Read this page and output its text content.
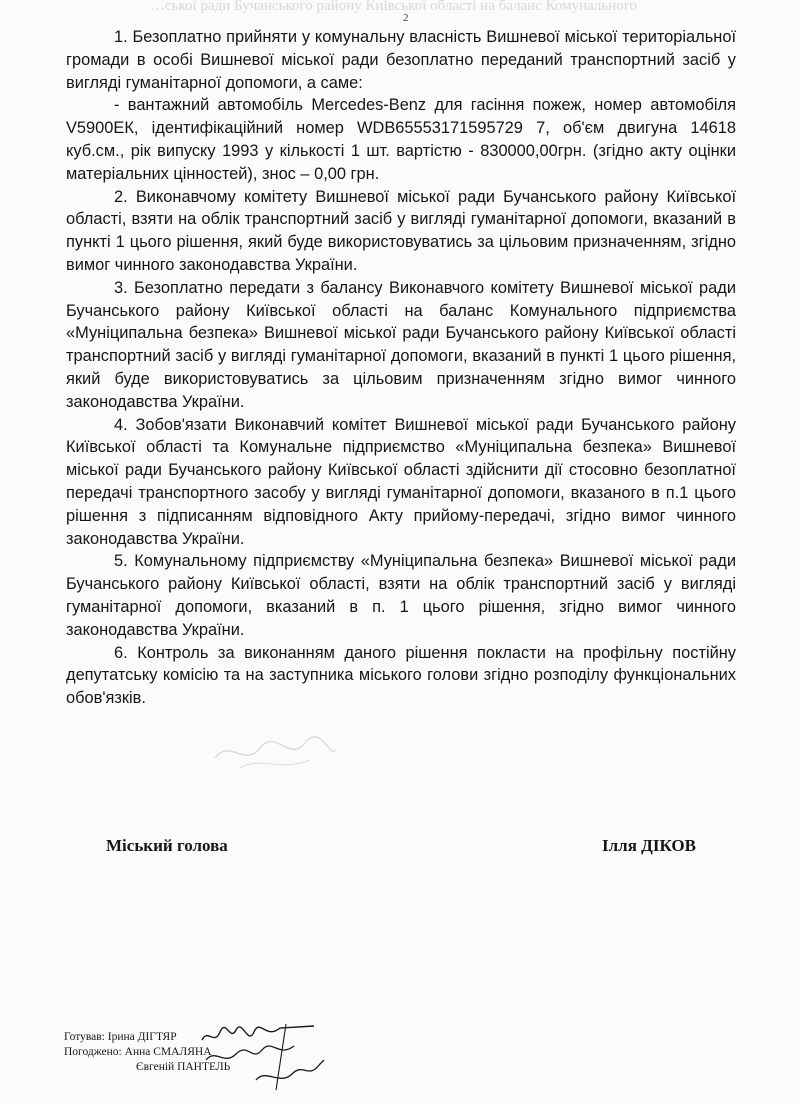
…ської ради Бучанського району Київської області на баланс Комунального
2

1. Безоплатно прийняти у комунальну власність Вишневої міської територіальної громади в особі Вишневої міської ради безоплатно переданий транспортний засіб у вигляді гуманітарної допомоги, а саме:

- вантажний автомобіль Mercedes-Benz для гасіння пожеж, номер автомобіля V5900ЕК, ідентифікаційний номер WDB65553171595729 7, об'єм двигуна 14618 куб.см., рік випуску 1993 у кількості 1 шт. вартістю - 830000,00грн. (згідно акту оцінки матеріальних цінностей), знос – 0,00 грн.

2. Виконавчому комітету Вишневої міської ради Бучанського району Київської області, взяти на облік транспортний засіб у вигляді гуманітарної допомоги, вказаний в пункті 1 цього рішення, який буде використовуватись за цільовим призначенням, згідно вимог чинного законодавства України.

3. Безоплатно передати з балансу Виконавчого комітету Вишневої міської ради Бучанського району Київської області на баланс Комунального підприємства «Муніципальна безпека» Вишневої міської ради Бучанського району Київської області транспортний засіб у вигляді гуманітарної допомоги, вказаний в пункті 1 цього рішення, який буде використовуватись за цільовим призначенням згідно вимог чинного законодавства України.

4. Зобов'язати Виконавчий комітет Вишневої міської ради Бучанського району Київської області та Комунальне підприємство «Муніципальна безпека» Вишневої міської ради Бучанського району Київської області здійснити дії стосовно безоплатної передачі транспортного засобу у вигляді гуманітарної допомоги, вказаного в п.1 цього рішення з підписанням відповідного Акту прийому-передачі, згідно вимог чинного законодавства України.

5. Комунальному підприємству «Муніципальна безпека» Вишневої міської ради Бучанського району Київської області, взяти на облік транспортний засіб у вигляді гуманітарної допомоги, вказаний в п. 1 цього рішення, згідно вимог чинного законодавства України.

6. Контроль за виконанням даного рішення покласти на профільну постійну депутатську комісію та на заступника міського голови згідно розподілу функціональних обов'язків.

Міський голова	Ілля ДІКОВ
Готував: Ірина ДІГТЯР
Погоджено: Анна СМАЛЯНА
Євгеній ПАНТЕЛЬ
